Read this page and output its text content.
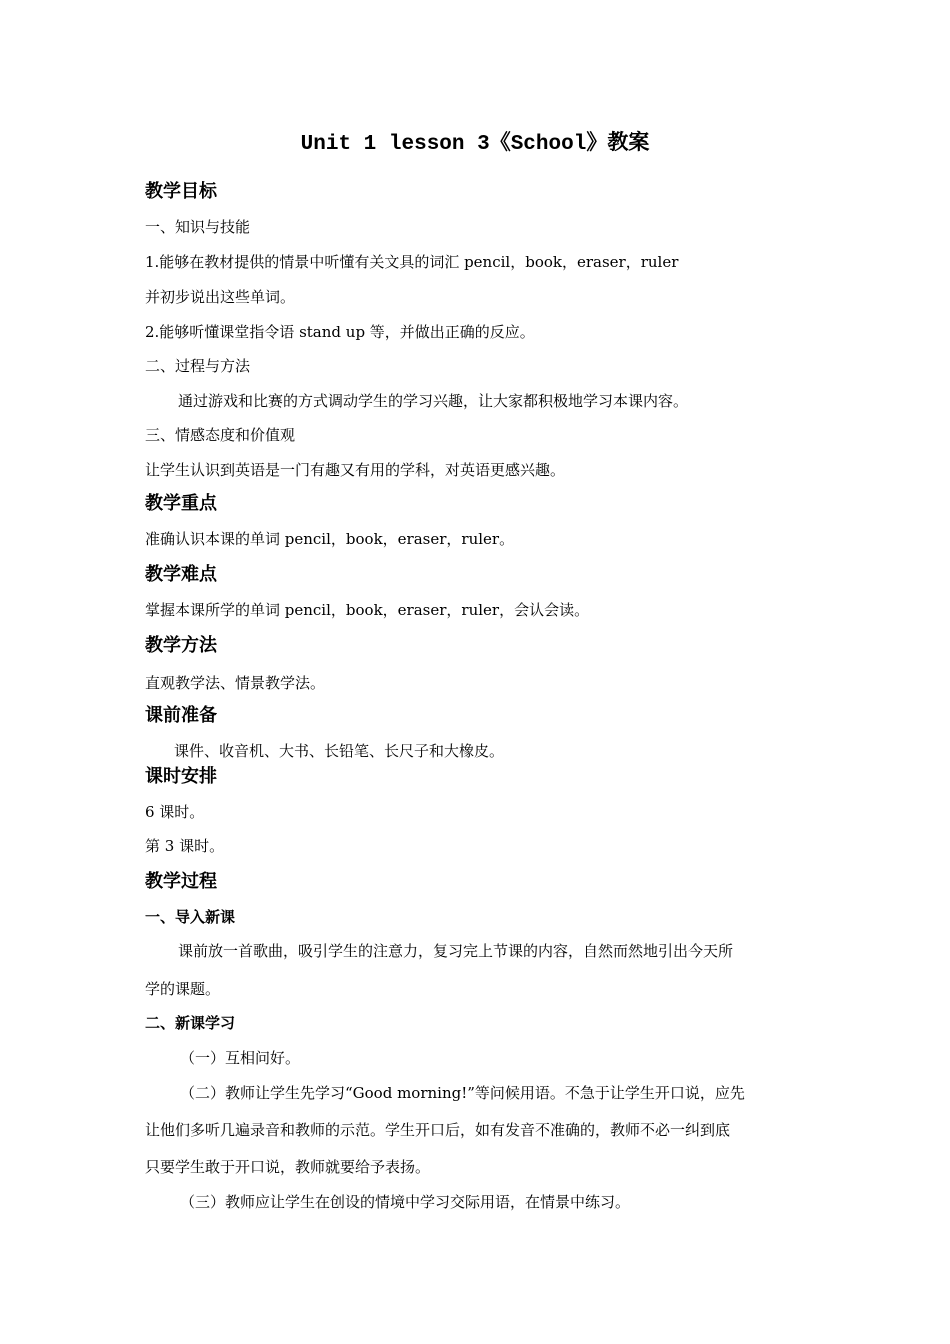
Unit 1 lesson 3《School》教案
教学目标
一、知识与技能
1.能够在教材提供的情景中听懂有关文具的词汇 pencil，book，eraser，ruler
并初步说出这些单词。
2.能够听懂课堂指令语 stand up 等，并做出正确的反应。
二、过程与方法
通过游戏和比赛的方式调动学生的学习兴趣，让大家都积极地学习本课内容。
三、情感态度和价值观
让学生认识到英语是一门有趣又有用的学科，对英语更感兴趣。
教学重点
准确认识本课的单词 pencil，book，eraser，ruler。
教学难点
掌握本课所学的单词 pencil，book，eraser，ruler，会认会读。
教学方法
直观教学法、情景教学法。
课前准备
课件、收音机、大书、长铅笔、长尺子和大橡皮。
课时安排
6 课时。
第 3 课时。
教学过程
一、导入新课
课前放一首歌曲，吸引学生的注意力，复习完上节课的内容，自然而然地引出今天所
学的课题。
二、新课学习
（一）互相问好。
（二）教师让学生先学习“Good morning!”等问候用语。不急于让学生开口说，应先
让他们多听几遍录音和教师的示范。学生开口后，如有发音不准确的，教师不必一纠到底
只要学生敢于开口说，教师就要给予表扬。
（三）教师应让学生在创设的情境中学习交际用语，在情景中练习。
